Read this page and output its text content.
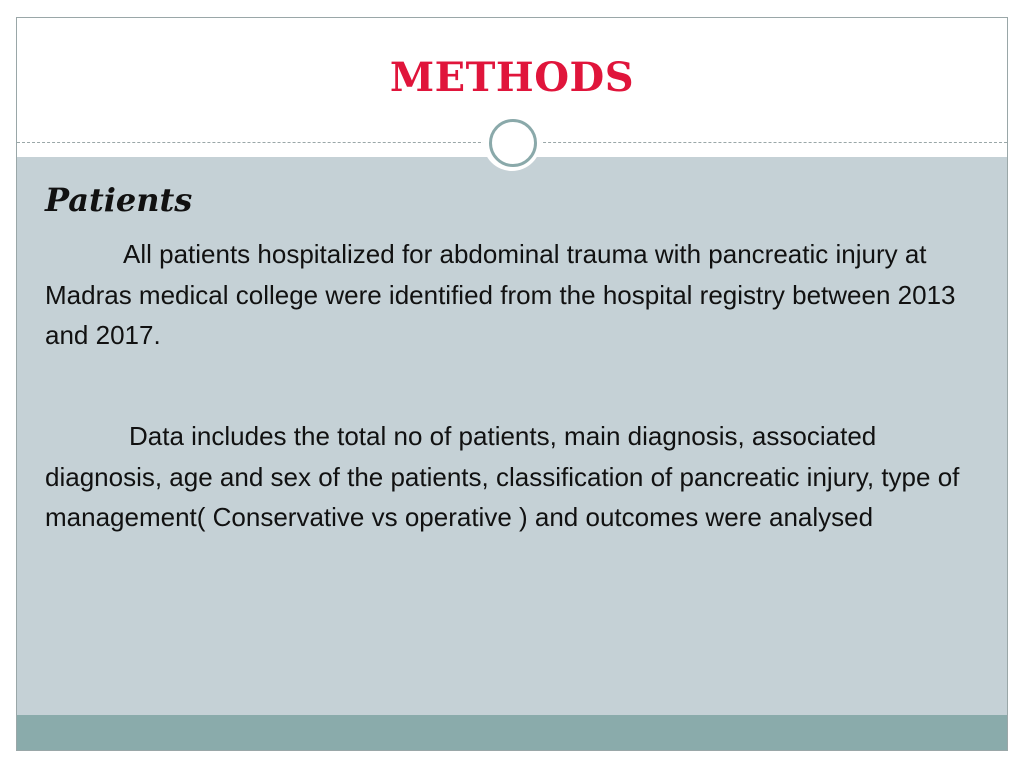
METHODS
Patients

All patients hospitalized for abdominal trauma with pancreatic injury at Madras medical college were identified from the hospital registry between 2013 and 2017.

Data includes the total no of patients, main diagnosis, associated diagnosis, age and sex of the patients, classification of pancreatic injury, type of management( Conservative vs operative ) and outcomes were analysed
